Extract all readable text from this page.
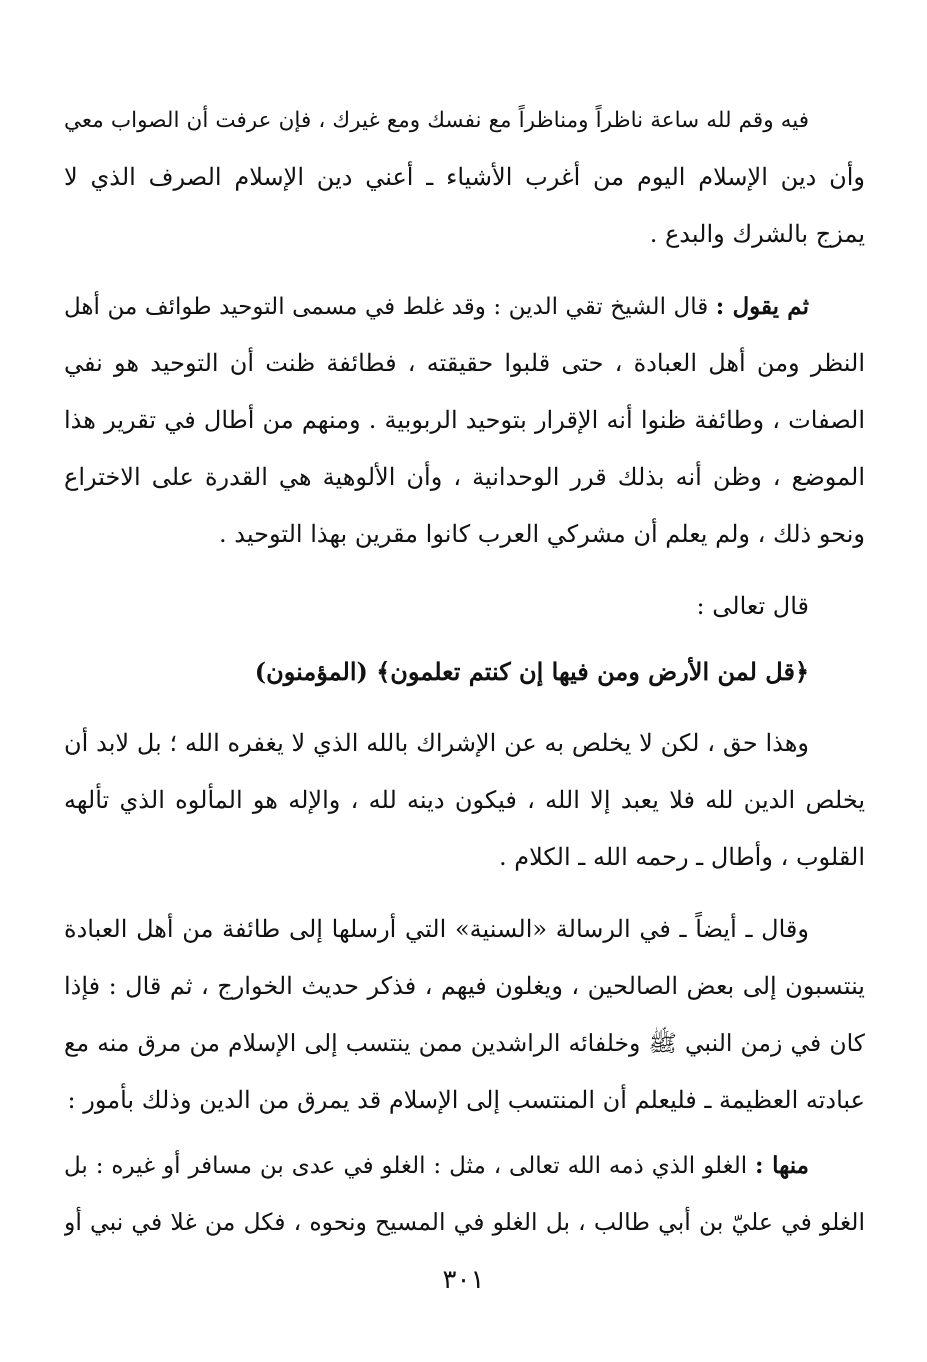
فيه وقم لله ساعة ناظراً ومناظراً مع نفسك ومع غيرك ، فإن عرفت أن الصواب معي
وأن دين الإسلام اليوم من أغرب الأشياء ـ أعني دين الإسلام الصرف الذي لا
يمزج بالشرك والبدع .
ثم يقول : قال الشيخ تقي الدين : وقد غلط في مسمى التوحيد طوائف من أهل
النظر ومن أهل العبادة ، حتى قلبوا حقيقته ، فطائفة ظنت أن التوحيد هو نفي
الصفات ، وطائفة ظنوا أنه الإقرار بتوحيد الربوبية . ومنهم من أطال في تقرير هذا
الموضع ، وظن أنه بذلك قرر الوحدانية ، وأن الألوهية هي القدرة على الاختراع
ونحو ذلك ، ولم يعلم أن مشركي العرب كانوا مقرين بهذا التوحيد .
قال تعالى :
﴿قل لمن الأرض ومن فيها إن كنتم تعلمون﴾ (المؤمنون)
وهذا حق ، لكن لا يخلص به عن الإشراك بالله الذي لا يغفره الله ؛ بل لابد أن
يخلص الدين لله فلا يعبد إلا الله ، فيكون دينه لله ، والإله هو المألوه الذي تألهه
القلوب ، وأطال ـ رحمه الله ـ الكلام .
وقال ـ أيضاً ـ في الرسالة «السنية» التي أرسلها إلى طائفة من أهل العبادة
ينتسبون إلى بعض الصالحين ، ويغلون فيهم ، فذكر حديث الخوارج ، ثم قال : فإذا
كان في زمن النبي ﷺ وخلفائه الراشدين ممن ينتسب إلى الإسلام من مرق منه مع
عبادته العظيمة ـ فليعلم أن المنتسب إلى الإسلام قد يمرق من الدين وذلك بأمور :
منها : الغلو الذي ذمه الله تعالى ، مثل : الغلو في عدى بن مسافر أو غيره : بل
الغلو في عليّ بن أبي طالب ، بل الغلو في المسيح ونحوه ، فكل من غلا في نبي أو
٣٠١
